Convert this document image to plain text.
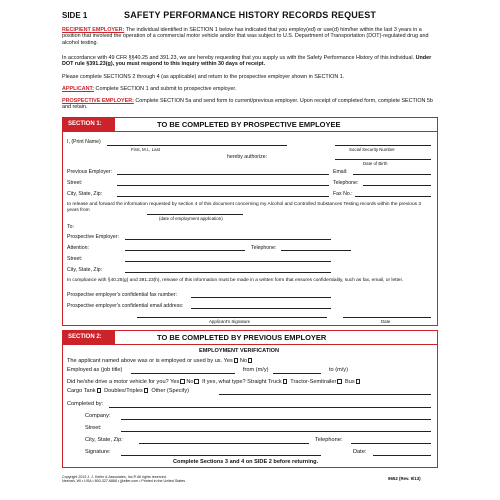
SIDE 1	SAFETY PERFORMANCE HISTORY RECORDS REQUEST
RECIPIENT EMPLOYER: The individual identified in SECTION 1 below has indicated that you employ(ed) or use(d) him/her within the last 3 years in a position that involved the operation of a commercial motor vehicle and/or that was subject to U.S. Department of Transportation (DOT)-regulated drug and alcohol testing.
In accordance with 49 CFR §§40.25 and 391.23, we are hereby requesting that you supply us with the Safety Performance History of this individual. Under DOT rule §391.23(g), you must respond to this inquiry within 30 days of receipt.
Please complete SECTIONS 2 through 4 (as applicable) and return to the prospective employer shown in SECTION 1.
APPLICANT: Complete SECTION 1 and submit to prospective employer.
PROSPECTIVE EMPLOYER: Complete SECTION 5a and send form to current/previous employer. Upon receipt of completed form, complete SECTION 5b and retain.
SECTION 1:	TO BE COMPLETED BY PROSPECTIVE EMPLOYEE
I, (Print Name)
First, M.I., Last	Social Security Number
hereby authorize:
Date of Birth
Previous Employer:	Email:
Street:	Telephone:
City, State, Zip:	Fax No.:
to release and forward the information requested by section 4 of this document concerning my Alcohol and Controlled Substances Testing records within the previous 3 years from
(date of employment application)
To:
Prospective Employer:
Attention:	Telephone:
Street:
City, State, Zip:
In compliance with §40.25(g) and 391.23(h), release of this information must be made in a written form that ensures confidentiality, such as fax, email, or letter.
Prospective employer's confidential fax number:
Prospective employer's confidential email address:
Applicant's Signature	Date
SECTION 2:	TO BE COMPLETED BY PREVIOUS EMPLOYER
EMPLOYMENT VERIFICATION
The applicant named above was or is employed or used by us. Yes No
Employed as (job title)	from (m/y)	to (m/y)
Did he/she drive a motor vehicle for you? Yes No If yes, what type? Straight Truck Tractor-Semitrailer Bus
Cargo Tank Doubles/Triples Other (Specify)
Completed by:
Company:
Street:
City, State, Zip:	Telephone:
Signature:	Date:
Complete Sections 3 and 4 on SIDE 2 before returning.
Copyright 2013 J. J. Keller & Associates, Inc.® All rights reserved.
Neenah, WI • USA • 800-327-6868 • jjkeller.com • Printed in the United States
9652 (Rev. 9/13)
